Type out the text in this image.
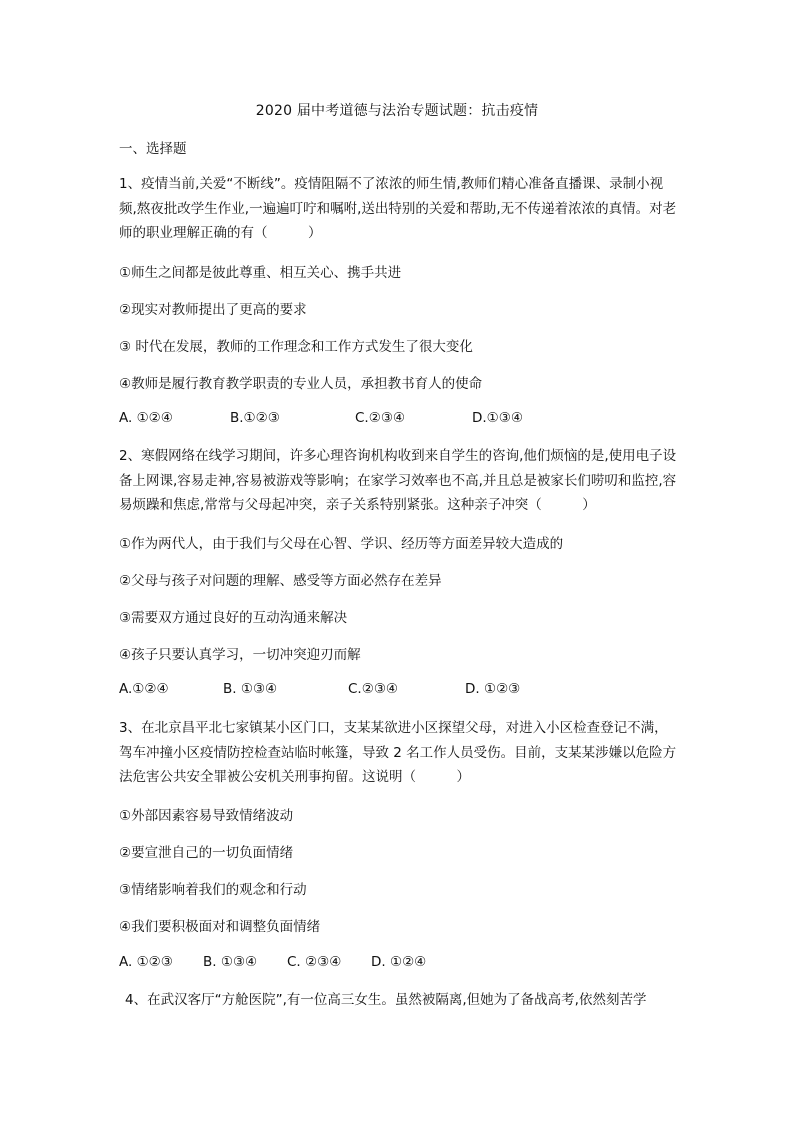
2020 届中考道德与法治专题试题：抗击疫情
一、选择题
1、疫情当前,关爱“不断线”。疫情阻隔不了浓浓的师生情,教师们精心准备直播课、录制小视频,熬夜批改学生作业,一遍遍叮咛和嘱咐,送出特别的关爱和帮助,无不传递着浓浓的真情。对老师的职业理解正确的有（　　　）
①师生之间都是彼此尊重、相互关心、携手共进
②现实对教师提出了更高的要求
③ 时代在发展，教师的工作理念和工作方式发生了很大变化
④教师是履行教育教学职责的专业人员，承担教书育人的使命
A. ①②④	B.①②③	C.②③④	D.①③④
2、寒假网络在线学习期间，许多心理咨询机构收到来自学生的咨询,他们烦恼的是,使用电子设备上网课,容易走神,容易被游戏等影响；在家学习效率也不高,并且总是被家长们唠叨和监控,容易烦躁和焦虑,常常与父母起冲突，亲子关系特别紧张。这种亲子冲突（　　　）
①作为两代人，由于我们与父母在心智、学识、经历等方面差异较大造成的
②父母与孩子对问题的理解、感受等方面必然存在差异
③需要双方通过良好的互动沟通来解决
④孩子只要认真学习，一切冲突迎刃而解
A.①②④	B. ①③④	C.②③④	D. ①②③
3、在北京昌平北七家镇某小区门口，支某某欲进小区探望父母，对进入小区检查登记不满，驾车冲撞小区疫情防控检查站临时帐篷，导致 2 名工作人员受伤。目前，支某某涉嫌以危险方法危害公共安全罪被公安机关刑事拘留。这说明（　　　）
①外部因素容易导致情绪波动
②要宣泄自己的一切负面情绪
③情绪影响着我们的观念和行动
④我们要积极面对和调整负面情绪
A. ①②③ B. ①③④ C. ②③④ D. ①②④
4、在武汉客厅“方舱医院”,有一位高三女生。虽然被隔离,但她为了备战高考,依然刻苦学
